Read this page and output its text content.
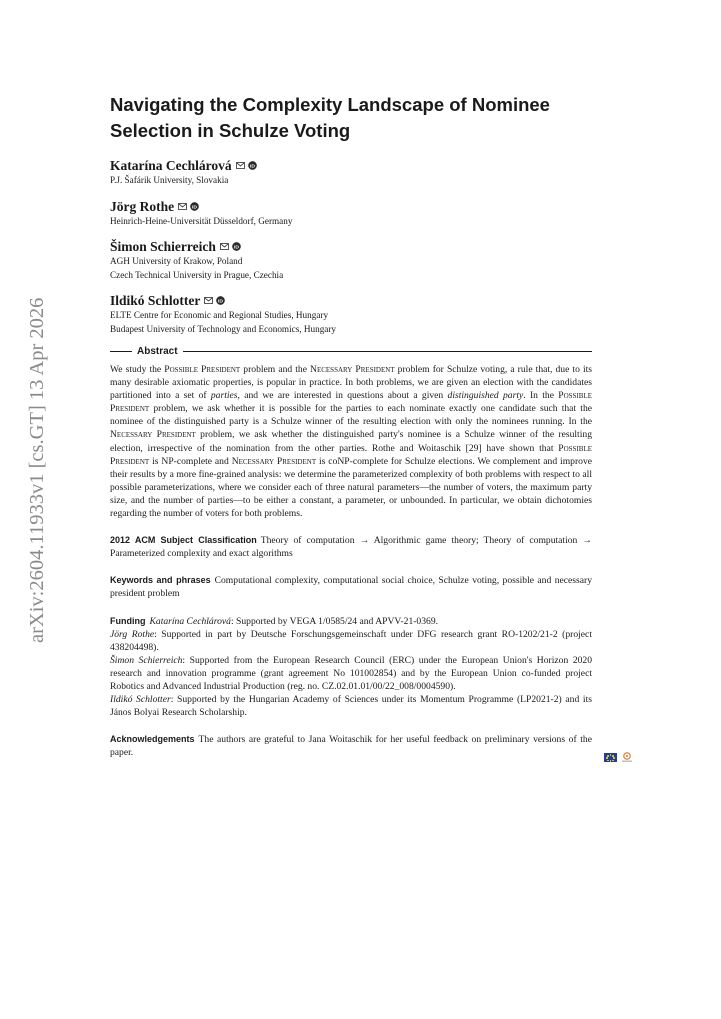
arXiv:2604.11933v1 [cs.GT] 13 Apr 2026
Navigating the Complexity Landscape of Nominee Selection in Schulze Voting
Katarína Cechlárová	iD
P.J. Šafárik University, Slovakia
Jörg Rothe	iD
Heinrich-Heine-Universität Düsseldorf, Germany
Šimon Schierreich	iD
AGH University of Krakow, Poland
Czech Technical University in Prague, Czechia
Ildikó Schlotter	iD
ELTE Centre for Economic and Regional Studies, Hungary
Budapest University of Technology and Economics, Hungary
Abstract

We study the Possible President problem and the Necessary President problem for Schulze voting, a rule that, due to its many desirable axiomatic properties, is popular in practice. In both problems, we are given an election with the candidates partitioned into a set of parties, and we are interested in questions about a given distinguished party. In the Possible President problem, we ask whether it is possible for the parties to each nominate exactly one candidate such that the nominee of the distinguished party is a Schulze winner of the resulting election with only the nominees running. In the Necessary President problem, we ask whether the distinguished party's nominee is a Schulze winner of the resulting election, irrespective of the nomination from the other parties. Rothe and Woitaschik [29] have shown that Possible President is NP-complete and Necessary President is coNP-complete for Schulze elections. We complement and improve their results by a more fine-grained analysis: we determine the parameterized complexity of both problems with respect to all possible parameterizations, where we consider each of three natural parameters—the number of voters, the maximum party size, and the number of parties—to be either a constant, a parameter, or unbounded. In particular, we obtain dichotomies regarding the number of voters for both problems.

2012 ACM Subject Classification Theory of computation → Algorithmic game theory; Theory of computation → Parameterized complexity and exact algorithms
Keywords and phrases Computational complexity, computational social choice, Schulze voting, possible and necessary president problem

Funding Katarína Cechlárová: Supported by VEGA 1/0585/24 and APVV-21-0369.

Jörg Rothe: Supported in part by Deutsche Forschungsgemeinschaft under DFG research grant RO-1202/21-2 (project 438204498).

Šimon Schierreich: Supported from the European Research Council (ERC) under the European Union's Horizon 2020 research and innovation programme (grant agreement No 101002854) and by the European Union co-funded project Robotics and Advanced Industrial Production (reg. no. CZ.02.01.01/00/22_008/0004590).

Ildikó Schlotter: Supported by the Hungarian Academy of Sciences under its Momentum Programme (LP2021-2) and its János Bolyai Research Scholarship.

Acknowledgements The authors are grateful to Jana Woitaschik for her useful feedback on preliminary versions of the paper.
